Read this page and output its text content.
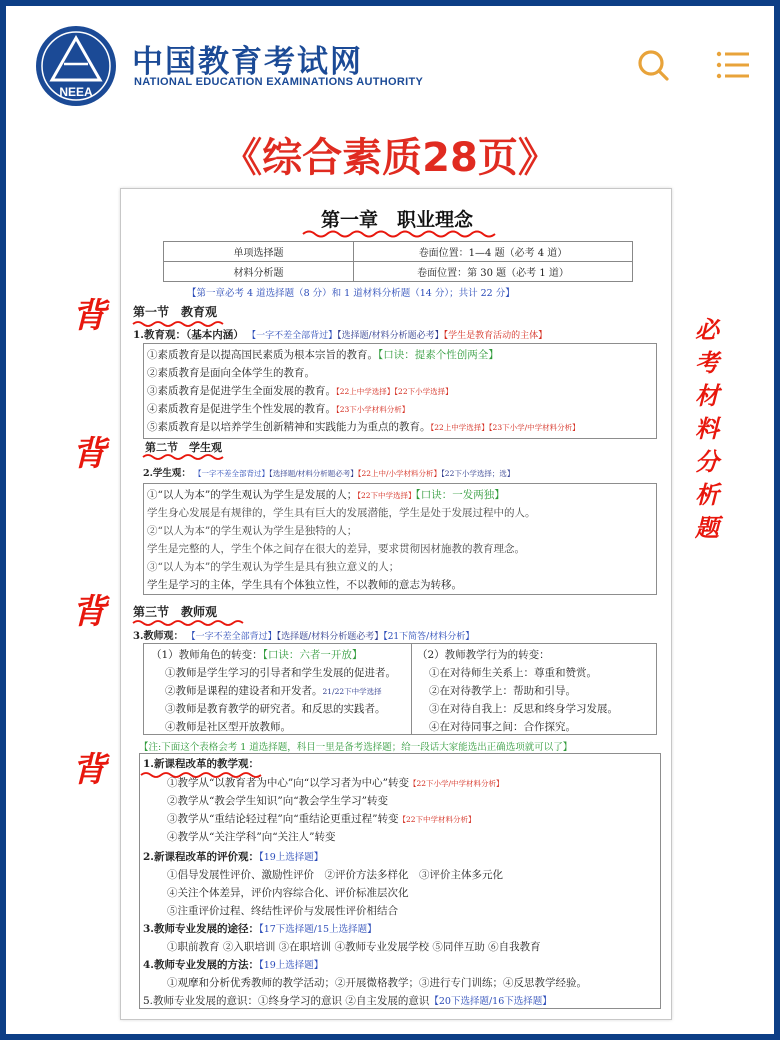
NEEA
中国教育考试网
NATIONAL EDUCATION EXAMINATIONS AUTHORITY
《综合素质28页》
背
背
背
背
必考材料分析题
第一章　职业理念
单项选择题	卷面位置：1—4 题（必考 4 道）
材料分析题	卷面位置：第 30 题（必考 1 道）
【第一章必考 4 道选择题（8 分）和 1 道材料分析题（14 分）；共计 22 分】
第一节　教育观
1.教育观：（基本内涵） 【一字不差全部背过】【选择题/材料分析题必考】【学生是教育活动的主体】
①素质教育是以提高国民素质为根本宗旨的教育。【口诀：提素个性创两全】
②素质教育是面向全体学生的教育。
③素质教育是促进学生全面发展的教育。【22上中学选择】【22下小学选择】
④素质教育是促进学生个性发展的教育。【23下小学材料分析】
⑤素质教育是以培养学生创新精神和实践能力为重点的教育。【22上中学选择】【23下小学/中学材料分析】
第二节　学生观
2.学生观： 【一字不差全部背过】【选择题/材料分析题必考】【22上中/小学材料分析】【22下小学选择；选】
①“以人为本”的学生观认为学生是发展的人；【22下中学选择】【口诀：一发两独】
学生身心发展是有规律的，学生具有巨大的发展潜能，学生是处于发展过程中的人。
②“以人为本”的学生观认为学生是独特的人；
学生是完整的人，学生个体之间存在很大的差异，要求贯彻因材施教的教育理念。
③“以人为本”的学生观认为学生是具有独立意义的人；
学生是学习的主体，学生具有个体独立性，不以教师的意志为转移。
第三节　教师观
3.教师观： 【一字不差全部背过】【选择题/材料分析题必考】【21下简答/材料分析】
（1）教师角色的转变：【口诀：六者一开放】
①教师是学生学习的引导者和学生发展的促进者。
②教师是课程的建设者和开发者。21/22下中学选择
③教师是教育教学的研究者。和反思的实践者。
④教师是社区型开放教师。
（2）教师教学行为的转变：
①在对待师生关系上：尊重和赞赏。
②在对待教学上：帮助和引导。
③在对待自我上：反思和终身学习发展。
④在对待同事之间：合作探究。
【注:下面这个表格会考 1 道选择题，科目一里是备考选择题；给一段话大家能选出正确选项就可以了】
1.新课程改革的教学观：
①教学从“以教育者为中心”向“以学习者为中心”转变【22下小学/中学材料分析】
②教学从“教会学生知识”向“教会学生学习”转变
③教学从“重结论轻过程”向“重结论更重过程”转变【22下中学材料分析】
④教学从“关注学科”向“关注人”转变
2.新课程改革的评价观：【19上选择题】
①倡导发展性评价、激励性评价　②评价方法多样化　③评价主体多元化
④关注个体差异，评价内容综合化、评价标准层次化
⑤注重评价过程、终结性评价与发展性评价相结合
3.教师专业发展的途径：【17下选择题/15上选择题】
①职前教育 ②入职培训 ③在职培训 ④教师专业发展学校 ⑤同伴互助 ⑥自我教育
4.教师专业发展的方法：【19上选择题】
①观摩和分析优秀教师的教学活动；②开展微格教学；③进行专门训练；④反思教学经验。
5.教师专业发展的意识：①终身学习的意识 ②自主发展的意识【20下选择题/16下选择题】
